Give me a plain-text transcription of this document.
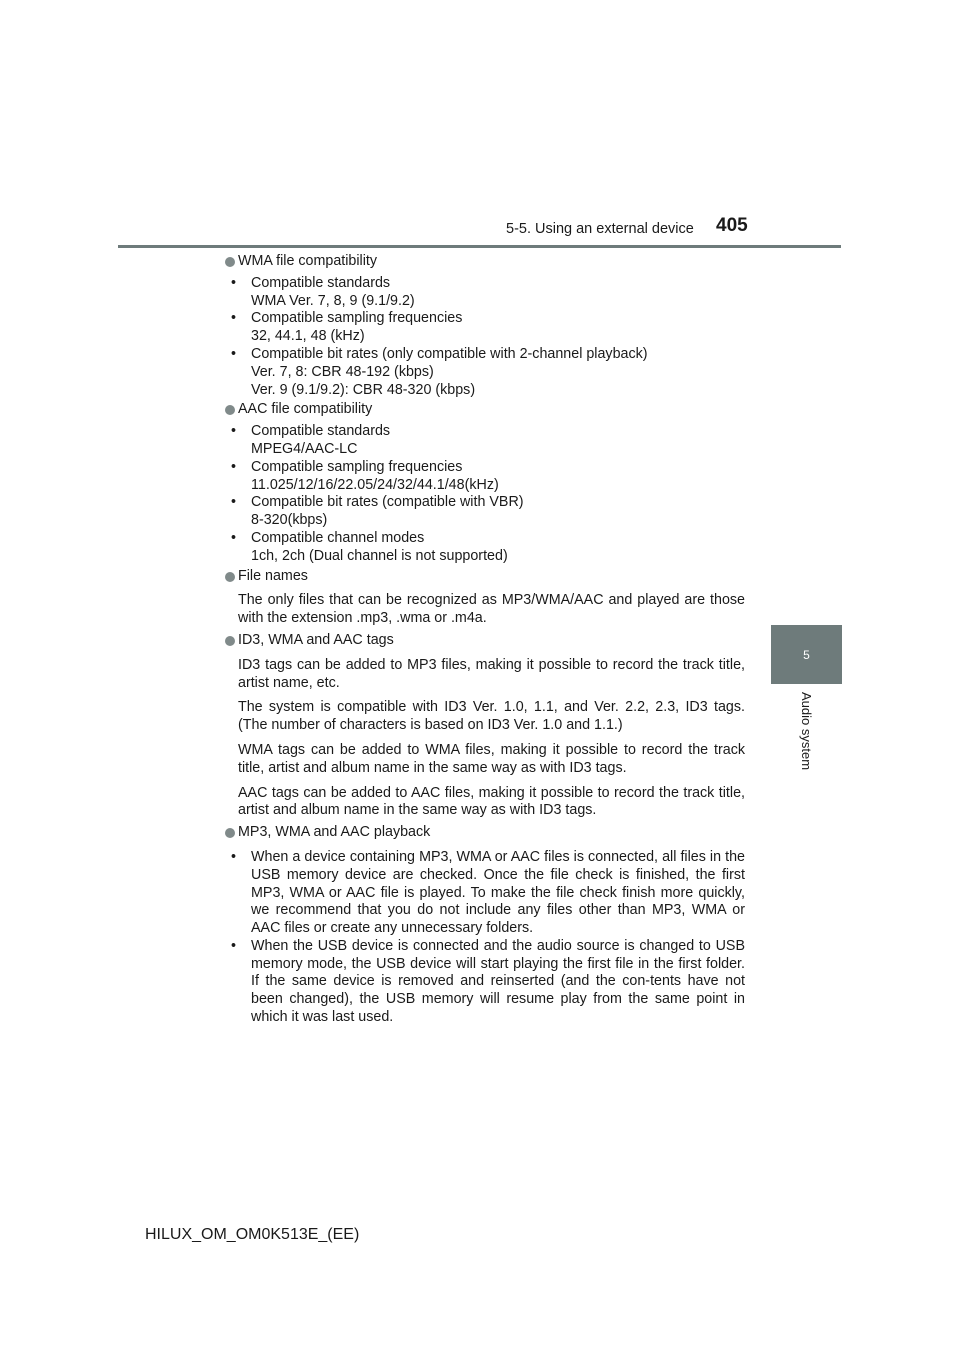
5-5. Using an external device 405
5
Audio system
WMA file compatibility
• Compatible standards
WMA Ver. 7, 8, 9 (9.1/9.2)
• Compatible sampling frequencies
32, 44.1, 48 (kHz)
• Compatible bit rates (only compatible with 2-channel playback)
Ver. 7, 8: CBR 48-192 (kbps)
Ver. 9 (9.1/9.2): CBR 48-320 (kbps)
AAC file compatibility
• Compatible standards
MPEG4/AAC-LC
• Compatible sampling frequencies
11.025/12/16/22.05/24/32/44.1/48(kHz)
• Compatible bit rates (compatible with VBR)
8-320(kbps)
• Compatible channel modes
1ch, 2ch (Dual channel is not supported)
File names

The only files that can be recognized as MP3/WMA/AAC and played are those with the extension .mp3, .wma or .m4a.

ID3, WMA and AAC tags

ID3 tags can be added to MP3 files, making it possible to record the track title, artist name, etc.

The system is compatible with ID3 Ver. 1.0, 1.1, and Ver. 2.2, 2.3, ID3 tags. (The number of characters is based on ID3 Ver. 1.0 and 1.1.)

WMA tags can be added to WMA files, making it possible to record the track title, artist and album name in the same way as with ID3 tags.

AAC tags can be added to AAC files, making it possible to record the track title, artist and album name in the same way as with ID3 tags.

MP3, WMA and AAC playback
• When a device containing MP3, WMA or AAC files is connected, all files in the USB memory device are checked. Once the file check is finished, the first MP3, WMA or AAC file is played. To make the file check finish more quickly, we recommend that you do not include any files other than MP3, WMA or AAC files or create any unnecessary folders.
• When the USB device is connected and the audio source is changed to USB memory mode, the USB device will start playing the first file in the first folder. If the same device is removed and reinserted (and the con-tents have not been changed), the USB memory will resume play from the same point in which it was last used.
HILUX_OM_OM0K513E_(EE)
